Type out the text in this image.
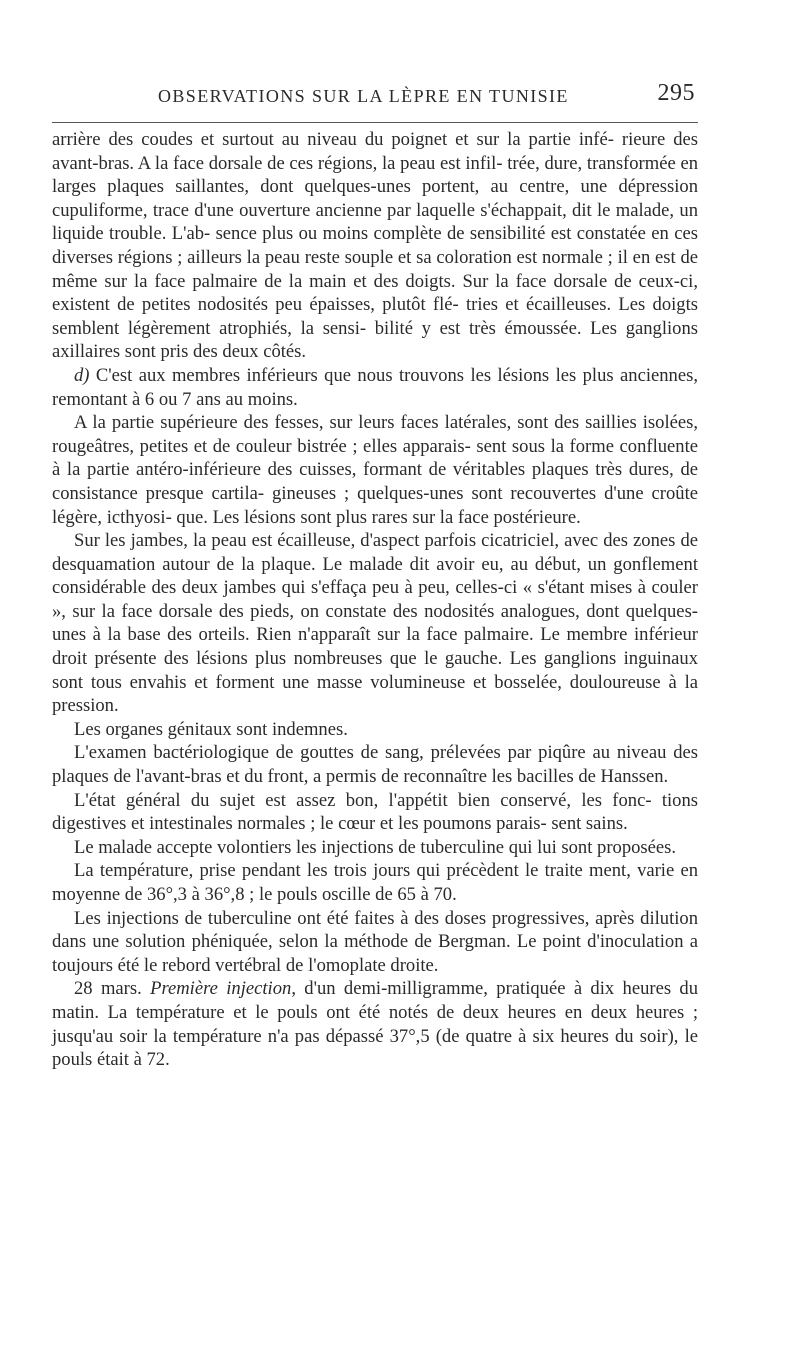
OBSERVATIONS SUR LA LÈPRE EN TUNISIE	295

arrière des coudes et surtout au niveau du poignet et sur la partie infé- rieure des avant-bras. A la face dorsale de ces régions, la peau est infil- trée, dure, transformée en larges plaques saillantes, dont quelques-unes portent, au centre, une dépression cupuliforme, trace d'une ouverture ancienne par laquelle s'échappait, dit le malade, un liquide trouble. L'ab- sence plus ou moins complète de sensibilité est constatée en ces diverses régions ; ailleurs la peau reste souple et sa coloration est normale ; il en est de même sur la face palmaire de la main et des doigts. Sur la face dorsale de ceux-ci, existent de petites nodosités peu épaisses, plutôt flé- tries et écailleuses. Les doigts semblent légèrement atrophiés, la sensi- bilité y est très émoussée. Les ganglions axillaires sont pris des deux côtés.

d) C'est aux membres inférieurs que nous trouvons les lésions les plus anciennes, remontant à 6 ou 7 ans au moins.

A la partie supérieure des fesses, sur leurs faces latérales, sont des saillies isolées, rougeâtres, petites et de couleur bistrée ; elles apparais- sent sous la forme confluente à la partie antéro-inférieure des cuisses, formant de véritables plaques très dures, de consistance presque cartila- gineuses ; quelques-unes sont recouvertes d'une croûte légère, icthyosi- que. Les lésions sont plus rares sur la face postérieure.

Sur les jambes, la peau est écailleuse, d'aspect parfois cicatriciel, avec des zones de desquamation autour de la plaque. Le malade dit avoir eu, au début, un gonflement considérable des deux jambes qui s'effaça peu à peu, celles-ci « s'étant mises à couler », sur la face dorsale des pieds, on constate des nodosités analogues, dont quelques-unes à la base des orteils. Rien n'apparaît sur la face palmaire. Le membre inférieur droit présente des lésions plus nombreuses que le gauche. Les ganglions inguinaux sont tous envahis et forment une masse volumineuse et bosselée, douloureuse à la pression.

Les organes génitaux sont indemnes.

L'examen bactériologique de gouttes de sang, prélevées par piqûre au niveau des plaques de l'avant-bras et du front, a permis de reconnaître les bacilles de Hanssen.

L'état général du sujet est assez bon, l'appétit bien conservé, les fonc- tions digestives et intestinales normales ; le cœur et les poumons parais- sent sains.

Le malade accepte volontiers les injections de tuberculine qui lui sont proposées.

La température, prise pendant les trois jours qui précèdent le traite ment, varie en moyenne de 36°,3 à 36°,8 ; le pouls oscille de 65 à 70.

Les injections de tuberculine ont été faites à des doses progressives, après dilution dans une solution phéniquée, selon la méthode de Bergman. Le point d'inoculation a toujours été le rebord vertébral de l'omoplate droite.

28 mars. Première injection, d'un demi-milligramme, pratiquée à dix heures du matin. La température et le pouls ont été notés de deux heures en deux heures ; jusqu'au soir la température n'a pas dépassé 37°,5 (de quatre à six heures du soir), le pouls était à 72.
